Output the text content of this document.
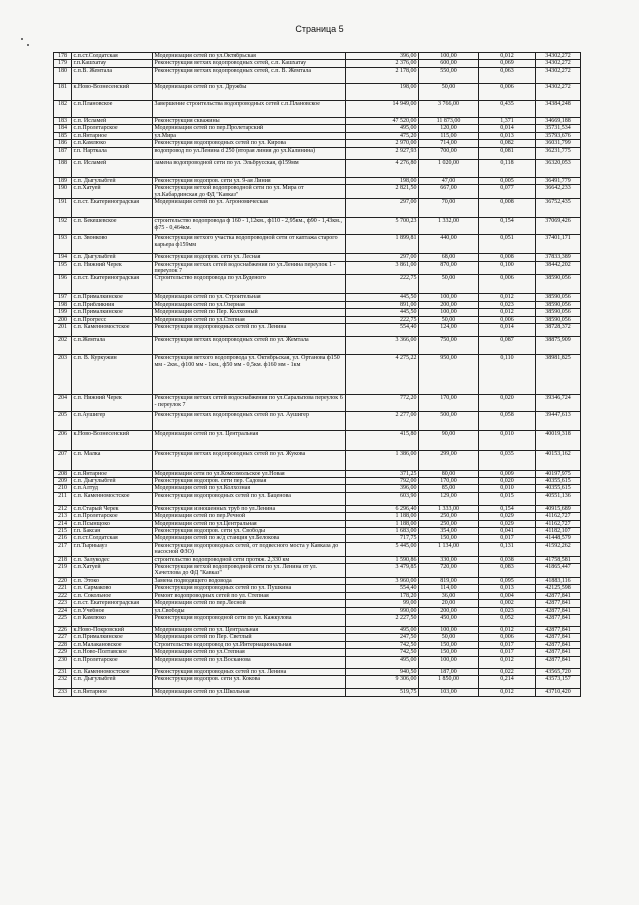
Страница 5
178	с.п.ст.Солдатская	Модернизация сетей по ул.Октябрьская	396,00	100,00	0,012	34302,272
179	г.п.Кашхатау	Реконструкция ветхих водопроводных сетей, с.п. Кашхатау	2 376,00	600,00	0,069	34302,272
180	с.п.В. Жемтала	Реконструкция ветхих водопроводных сетей, с.п. В. Жемтала	2 178,00	550,00	0,063	34302,272
181	к.Ново-Вознесенский	Модернизация сетей по ул. Дружбы	198,00	50,00	0,006	34302,272
182	с.п.Плановское	Завершение строительства водопроводных сетей с.п.Плановское	14 949,00	3 766,00	0,435	34384,248
183	с.п. Исламей	Реконструкция скважины	47 520,00	11 873,00	1,371	34669,188
184	с.п.Пролетарское	Модернизация сетей по пер.Пролетарский	495,00	120,00	0,014	35731,534
185	с.п.Янтарное	ул.Мира	475,20	115,00	0,013	35793,676
186	с.п.Камлюко	Реконструкция водопроводных сетей по ул. Кирова	2 970,00	714,00	0,082	36031,799
187	г.п. Нарткала	водопровод по ул.Ленина d 250 (вторая линия до ул.Калинина)	2 927,93	700,00	0,081	36231,775
188	с.п. Исламей	замена водопроводной сети по ул. Эльбрусская, ф159мм	4 276,80	1 020,00	0,118	36320,053
189	с.п. Дыгулыбгей	Реконструкция водопров. сети ул. 9-ая Линия	198,00	47,00	0,005	36491,779
190	с.п.Хатуей	Реконструкция ветхой водопроводной сети по ул. Мира от ул.Кабардинская до ФД "Кавказ"	2 821,50	667,00	0,077	36642,233
191	с.п.ст. Екатериноградская	Модернизация сетей по ул. Агрономическая	297,00	70,00	0,008	36752,435
192	с.п. Бекешевское	строительство водопровода ф 160 - 1,12км., ф110 - 2,95км., ф90 - 1,43км., ф75 - 0,464км.	5 700,23	1 332,00	0,154	37069,426
193	с.п. Звонково	Реконструкция ветхого участка водопроводной сети от каптажа старого карьера ф159мм	1 899,81	440,00	0,051	37401,171
194	с.п. Дыгулыбгей	Реконструкция водопров. сети ул. Лесная	297,00	68,00	0,008	37833,389
195	с.п. Нижний Черек	Реконструкция ветхих сетей водоснабжения по ул.Ленина переулок 1 - переулок 7	3 861,00	870,00	0,100	38442,202
196	с.п.ст. Екатериноградская	Строительство водопровода по ул.Буденого	222,75	50,00	0,006	38590,056
197	с.п.Прималкинское	Модернизация сетей по ул. Строительная	445,50	100,00	0,012	38590,056
198	с.п.Прибликния	Модернизация сетей по ул.Озерная	891,00	200,00	0,023	38590,056
199	с.п.Прималкинское	Модернизация сетей по Пер. Колхозный	445,50	100,00	0,012	38590,056
200	с.п.Прогресс	Модернизация сетей по ул.Степная	222,75	50,00	0,006	38590,056
201	с.п. Каменномостское	Реконструкция водопроводных сетей по ул. Ленина	554,40	124,00	0,014	38728,372
202	с.п.Жемтала	Реконструкция ветхих водопроводных сетей по ул. Жемтала	3 366,00	750,00	0,087	38875,909
203	с.п. В. Куркужин	Реконструкция ветхого водопровода ул. Октябрьская, ул. Ортанова ф150 мм - 2км., ф100 мм - 1км., ф50 мм - 0,5км. ф160 мм - 1км	4 275,22	950,00	0,110	38981,825
204	с.п. Нижний Черек	Реконструкция ветхих сетей водоснабжения по ул.Саральпова переулок 6 - переулок 7	772,20	170,00	0,020	39346,724
205	с.п.Аушигер	Реконструкция ветхих водопроводных сетей по ул. Аушигер	2 277,00	500,00	0,058	39447,613
206	к.Ново-Вознесенский	Модернизация сетей по ул. Центральная	415,80	90,00	0,010	40019,318
207	с.п. Малка	Реконструкция ветхих водопроводных сетей по ул. Жукова	1 386,00	299,00	0,035	40153,162
208	с.п.Янтарное	Модернизация сети по ул.Комсомольское ул.Новая	371,25	80,00	0,009	40197,975
209	с.п. Дыгулыбгей	Реконструкция водопров. сети пер. Садовая	792,00	170,00	0,020	40355,615
210	с.п.Алтуд	Модернизация сетей по ул.Колхозная	396,00	85,00	0,010	40355,615
211	с.п. Каменномостское	Реконструкция водопроводных сетей по ул. Баценова	603,90	129,00	0,015	40551,136
212	с.п.Старый Черек	Реконструкция изношенных труб по ул.Ленина	6 296,40	1 333,00	0,154	40915,689
213	с.п.Пролетарское	Модернизация сетей по пер.Речной	1 188,00	250,00	0,029	41162,727
214	с.п.Псынщоко	Модернизация сетей по ул.Центральная	1 188,00	250,00	0,029	41162,727
215	г.п. Баксан	Реконструкция водопров. сети ул. Свободы	1 683,00	354,00	0,041	41182,107
216	с.п.ст.Солдатская	Модернизация сетей по ж/д станция ул.Белокова	717,75	150,00	0,017	41448,579
217	г.п.Тырныауз	Реконструкция водопроводных сетей, от подвесного моста у Кавказа до насосной ФЗО)	5 445,00	1 134,00	0,131	41592,262
218	с.п. Залукодес	строительство водопроводной сети протяж. 2,330 км	1 590,86	330,00	0,038	41758,581
219	с.п.Хатуей	Реконструкция ветхой водопроводной сети по ул. Ленина от ул. Хачетлова до ФД "Кавказ"	3 479,85	720,00	0,083	41865,447
220	с.п. Этоко	Замена подводящего водовода	3 960,00	819,00	0,095	41883,116
221	с.п. Сармаково	Реконструкция водопроводных сетей по ул. Пушкина	554,40	114,00	0,013	42125,598
222	с.п. Сокольное	Ремонт водопроводных сетей по ул. Степная	178,20	36,00	0,004	42877,841
223	с.п.ст. Екатериноградская	Модернизация сетей по пер.Лесной	99,00	20,00	0,002	42877,841
224	с.п.Учебное	ул.Свободы	990,00	200,00	0,023	42877,841
225	с.п Камлюко	Реконструкция водопроводной сети по ул. Кажкулова	2 227,50	450,00	0,052	42877,841
226	к.Ново-Покровский	Модернизация сетей по ул. Центральная	495,00	100,00	0,012	42877,841
227	с.п.Прималкинское	Модернизация сетей по Пер. Светлый	247,50	50,00	0,006	42877,841
228	с.п.Малакановское	Строительство водопровод по ул.Интернациональная	742,50	150,00	0,017	42877,841
229	с.п.Ново-Полтавское	Модернизация сетей по ул.Степная	742,50	150,00	0,017	42877,841
230	с.п.Пролетарское	Модернизация сетей по ул.Восканова	495,00	100,00	0,012	42877,841
231	с.п. Каменномостское	Реконструкция водопроводных сетей по ул. Ленина	940,50	187,00	0,022	43565,720
232	с.п. Дыгулыбгей	Реконструкция водопров. сети ул. Кокова	9 306,00	1 850,00	0,214	43573,157
233	с.п.Янтарное	Модернизация сетей по ул.Школьная	519,75	103,00	0,012	43710,420
